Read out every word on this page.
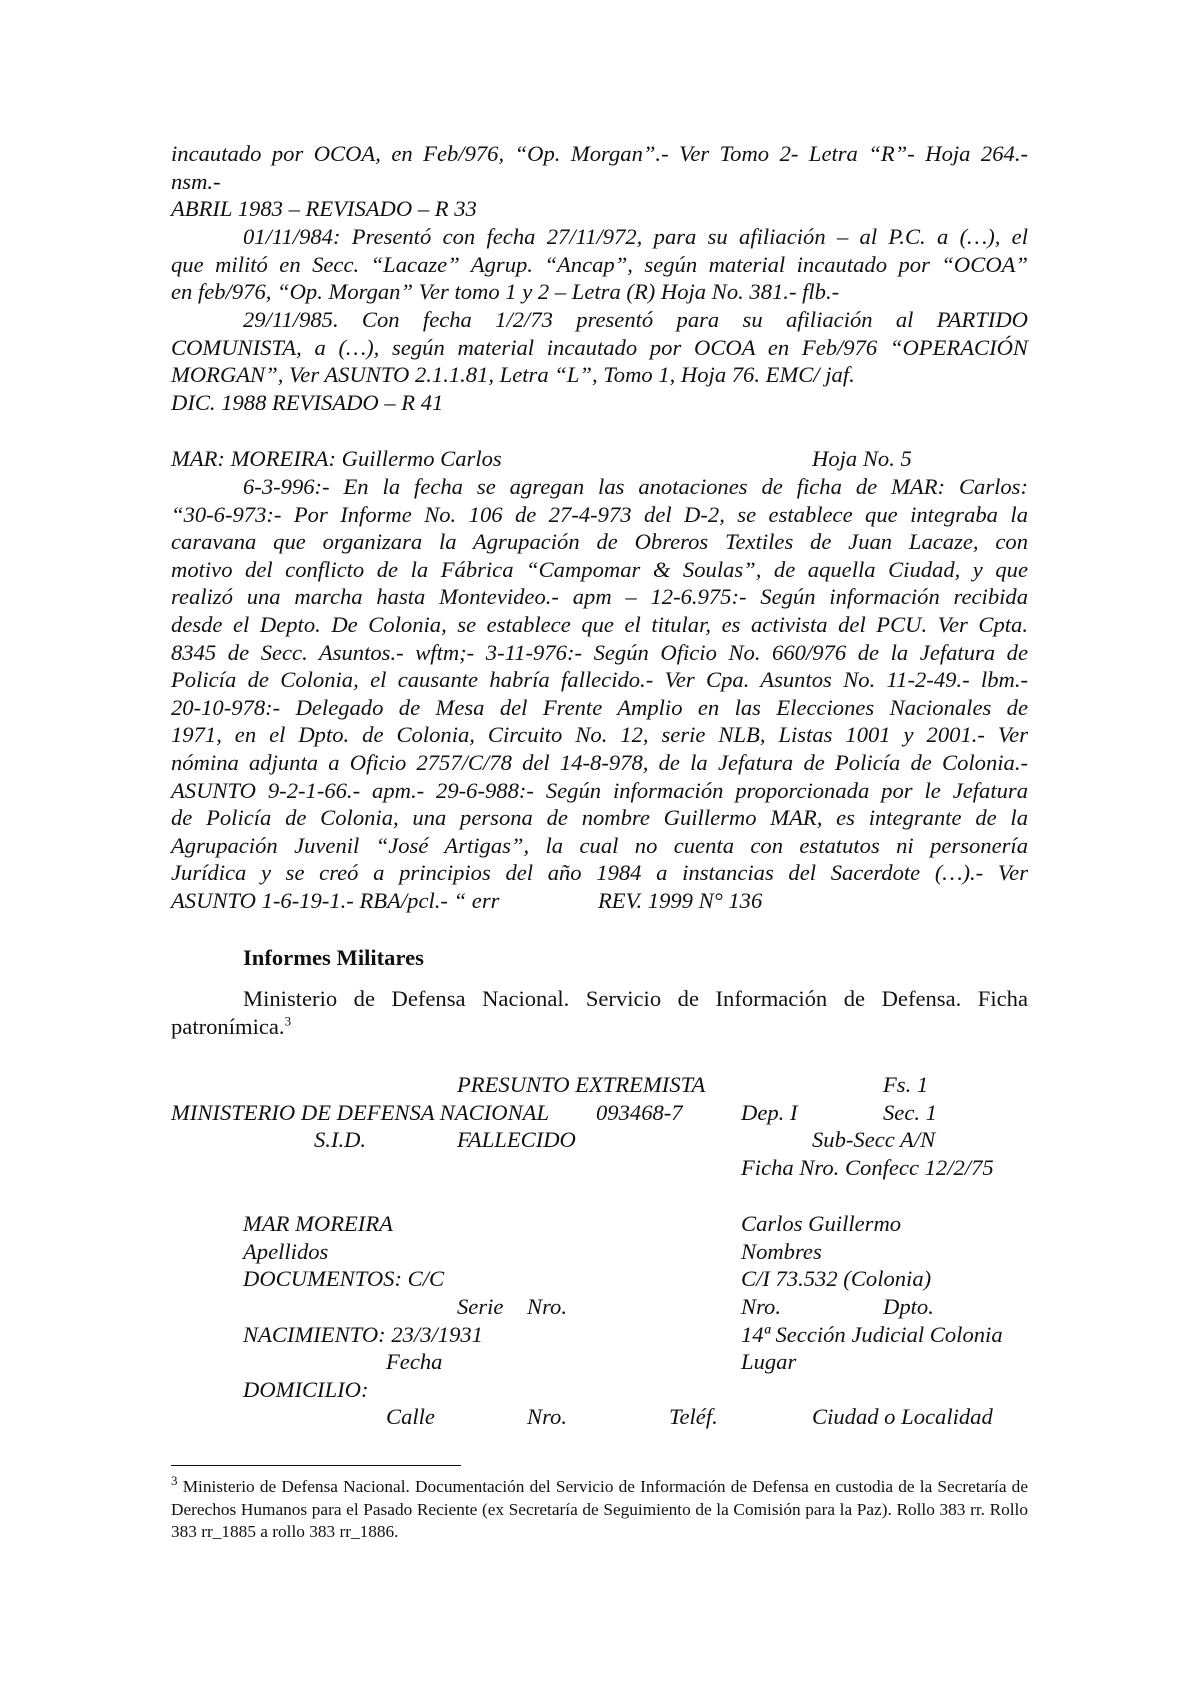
incautado por OCOA, en Feb/976, “Op. Morgan”.- Ver Tomo 2- Letra “R”- Hoja 264.-
nsm.-
ABRIL 1983 – REVISADO – R 33
01/11/984: Presentó con fecha 27/11/972, para su afiliación – al P.C. a (…), el
que militó en Secc. “Lacaze” Agrup. “Ancap”, según material incautado por “OCOA”
en feb/976, “Op. Morgan” Ver tomo 1 y 2 – Letra (R) Hoja No. 381.- flb.-
29/11/985. Con fecha 1/2/73 presentó para su afiliación al PARTIDO
COMUNISTA, a (…), según material incautado por OCOA en Feb/976 “OPERACIÓN
MORGAN”, Ver ASUNTO 2.1.1.81, Letra “L”, Tomo 1, Hoja 76. EMC/ jaf.
DIC. 1988 REVISADO – R 41
MAR: MOREIRA: Guillermo Carlos	Hoja No. 5
6-3-996:- En la fecha se agregan las anotaciones de ficha de MAR: Carlos:
“30-6-973:- Por Informe No. 106 de 27-4-973 del D-2, se establece que integraba la
caravana que organizara la Agrupación de Obreros Textiles de Juan Lacaze, con
motivo del conflicto de la Fábrica “Campomar & Soulas”, de aquella Ciudad, y que
realizó una marcha hasta Montevideo.- apm – 12-6.975:- Según información recibida
desde el Depto. De Colonia, se establece que el titular, es activista del PCU. Ver Cpta.
8345 de Secc. Asuntos.- wftm;- 3-11-976:- Según Oficio No. 660/976 de la Jefatura de
Policía de Colonia, el causante habría fallecido.- Ver Cpa. Asuntos No. 11-2-49.- lbm.-
20-10-978:- Delegado de Mesa del Frente Amplio en las Elecciones Nacionales de
1971, en el Dpto. de Colonia, Circuito No. 12, serie NLB, Listas 1001 y 2001.- Ver
nómina adjunta a Oficio 2757/C/78 del 14-8-978, de la Jefatura de Policía de Colonia.-
ASUNTO 9-2-1-66.- apm.- 29-6-988:- Según información proporcionada por le Jefatura
de Policía de Colonia, una persona de nombre Guillermo MAR, es integrante de la
Agrupación Juvenil “José Artigas”, la cual no cuenta con estatutos ni personería
Jurídica y se creó a principios del año 1984 a instancias del Sacerdote (…).- Ver
ASUNTO 1-6-19-1.- RBA/pcl.- “ err	REV. 1999 N° 136
Informes Militares
Ministerio de Defensa Nacional. Servicio de Información de Defensa. Ficha
patronímica.$^3$
PRESUNTO EXTREMISTA	Fs. 1
MINISTERIO DE DEFENSA NACIONAL 093468-7	Dep. I	Sec. 1
S.I.D.	FALLECIDO	Sub-Secc A/N
Ficha Nro. Confecc 12/2/75
MAR MOREIRA	Carlos Guillermo
Apellidos	Nombres
DOCUMENTOS: C/C	C/I 73.532 (Colonia)
Serie Nro.	Nro.	Dpto.
NACIMIENTO: 23/3/1931	14ª Sección Judicial Colonia
Fecha	Lugar
DOMICILIO:
Calle	Nro.	Teléf.	Ciudad o Localidad
$^3$ Ministerio de Defensa Nacional. Documentación del Servicio de Información de Defensa en custodia de la Secretaría de Derechos Humanos para el Pasado Reciente (ex Secretaría de Seguimiento de la Comisión para la Paz). Rollo 383 rr. Rollo 383 rr_1885 a rollo 383 rr_1886.
